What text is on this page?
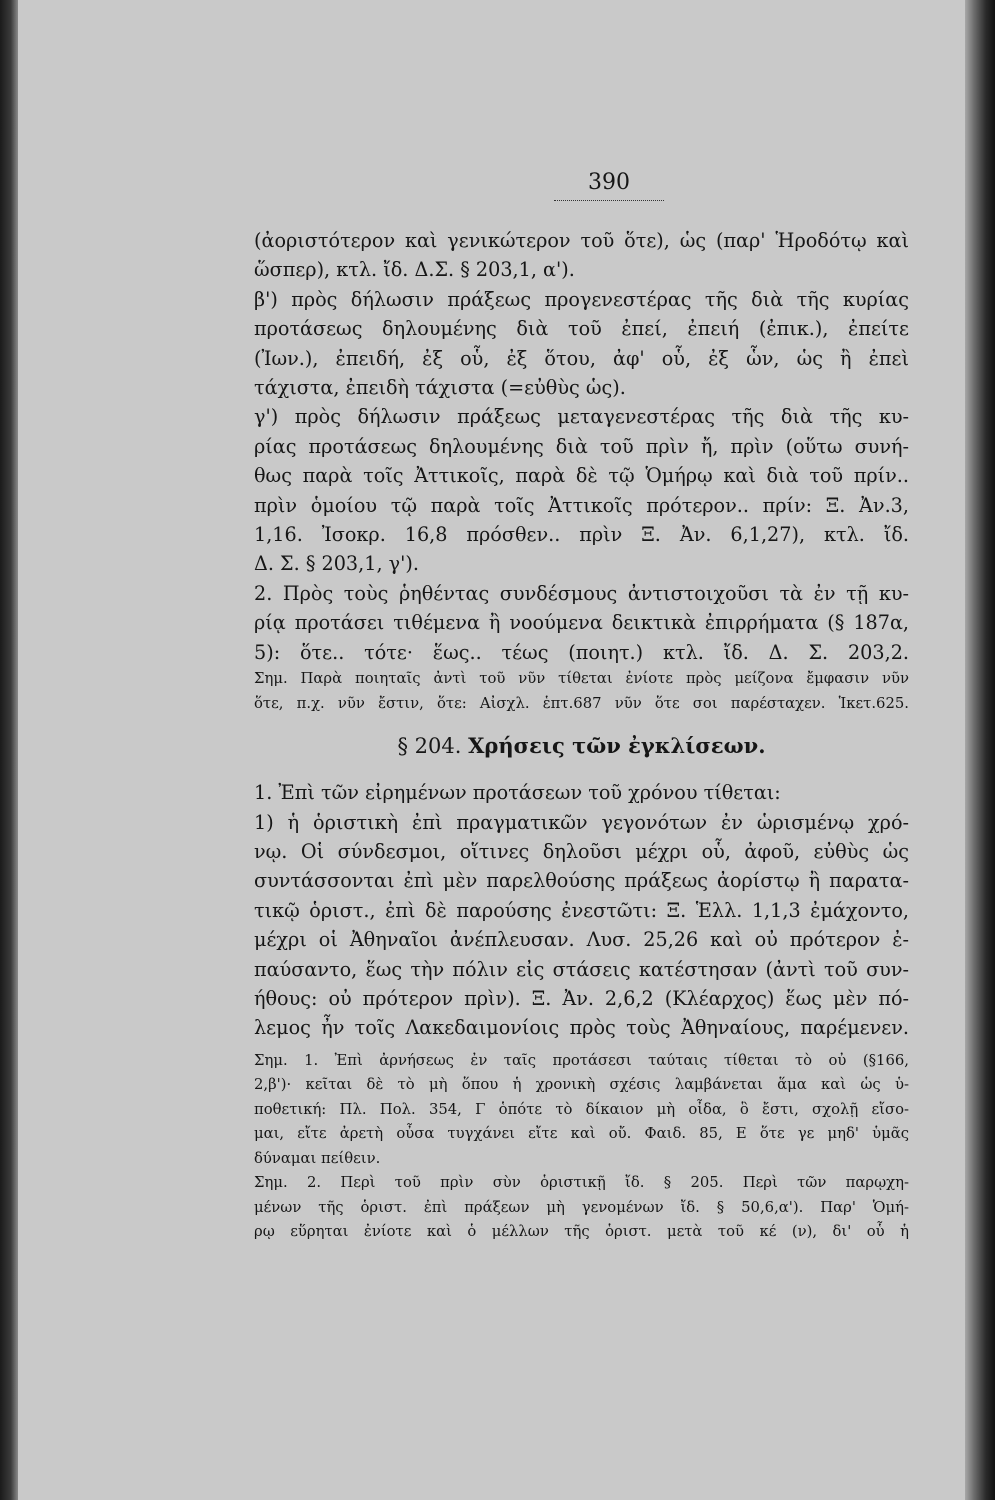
390
(ἀοριστότερον καὶ γενικώτερον τοῦ ὅτε), ὡς (παρ' Ἡροδότῳ καὶ
ὥσπερ), κτλ. ἴδ. Δ.Σ. § 203,1, α').
β') πρὸς δήλωσιν πράξεως προγενεστέρας τῆς διὰ τῆς κυρίας
προτάσεως δηλουμένης διὰ τοῦ ἐπεί, ἐπειή (ἐπικ.), ἐπείτε
(Ἰων.), ἐπειδή, ἐξ οὗ, ἐξ ὅτου, ἀφ' οὗ, ἐξ ὧν, ὡς ἢ ἐπεὶ
τάχιστα, ἐπειδὴ τάχιστα (=εὐθὺς ὡς).
γ') πρὸς δήλωσιν πράξεως μεταγενεστέρας τῆς διὰ τῆς κυ-
ρίας προτάσεως δηλουμένης διὰ τοῦ πρὶν ἤ, πρὶν (οὕτω συνή-
θως παρὰ τοῖς Ἀττικοῖς, παρὰ δὲ τῷ Ὁμήρῳ καὶ διὰ τοῦ πρίν..
πρὶν ὁμοίου τῷ παρὰ τοῖς Ἀττικοῖς πρότερον.. πρίν: Ξ. Ἀν.3,
1,16. Ἰσοκρ. 16,8 πρόσθεν.. πρὶν Ξ. Ἀν. 6,1,27), κτλ. ἴδ.
Δ. Σ. § 203,1, γ').
2. Πρὸς τοὺς ῥηθέντας συνδέσμους ἀντιστοιχοῦσι τὰ ἐν τῇ κυ-
ρίᾳ προτάσει τιθέμενα ἢ νοούμενα δεικτικὰ ἐπιρρήματα (§ 187α,
5): ὅτε.. τότε· ἕως.. τέως (ποιητ.) κτλ. ἴδ. Δ. Σ. 203,2.
Σημ. Παρὰ ποιηταῖς ἀντὶ τοῦ νῦν τίθεται ἐνίοτε πρὸς μείζονα ἔμφασιν νῦν
ὅτε, π.χ. νῦν ἔστιν, ὅτε: Αἰσχλ. ἑπτ.687 νῦν ὅτε σοι παρέσταχεν. Ἱκετ.625.
§ 204. Χρήσεις τῶν ἐγκλίσεων.
1. Ἐπὶ τῶν εἰρημένων προτάσεων τοῦ χρόνου τίθεται:
1) ἡ ὁριστικὴ ἐπὶ πραγματικῶν γεγονότων ἐν ὡρισμένῳ χρό-
νῳ. Οἱ σύνδεσμοι, οἵτινες δηλοῦσι μέχρι οὗ, ἀφοῦ, εὐθὺς ὡς
συντάσσονται ἐπὶ μὲν παρελθούσης πράξεως ἀορίστῳ ἢ παρατα-
τικῷ ὁριστ., ἐπὶ δὲ παρούσης ἐνεστῶτι: Ξ. Ἑλλ. 1,1,3 ἐμάχοντο,
μέχρι οἱ Ἀθηναῖοι ἀνέπλευσαν. Λυσ. 25,26 καὶ οὐ πρότερον ἐ-
παύσαντο, ἕως τὴν πόλιν εἰς στάσεις κατέστησαν (ἀντὶ τοῦ συν-
ήθους: οὐ πρότερον πρὶν). Ξ. Ἀν. 2,6,2 (Κλέαρχος) ἕως μὲν πό-
λεμος ἦν τοῖς Λακεδαιμονίοις πρὸς τοὺς Ἀθηναίους, παρέμενεν.
Σημ. 1. Ἐπὶ ἀρνήσεως ἐν ταῖς προτάσεσι ταύταις τίθεται τὸ οὐ (§166,
2,β')· κεῖται δὲ τὸ μὴ ὅπου ἡ χρονικὴ σχέσις λαμβάνεται ἅμα καὶ ὡς ὑ-
ποθετική: Πλ. Πολ. 354, Γ ὁπότε τὸ δίκαιον μὴ οἶδα, ὃ ἔστι, σχολῇ εἴσο-
μαι, εἴτε ἀρετὴ οὖσα τυγχάνει εἴτε καὶ οὔ. Φαιδ. 85, Ε ὅτε γε μηδ' ὑμᾶς
δύναμαι πείθειν.
Σημ. 2. Περὶ τοῦ πρὶν σὺν ὁριστικῇ ἴδ. § 205. Περὶ τῶν παρῳχη-
μένων τῆς ὁριστ. ἐπὶ πράξεων μὴ γενομένων ἴδ. § 50,6,α'). Παρ' Ὁμή-
ρῳ εὕρηται ἐνίοτε καὶ ὁ μέλλων τῆς ὁριστ. μετὰ τοῦ κέ (ν), δι' οὗ ἡ
